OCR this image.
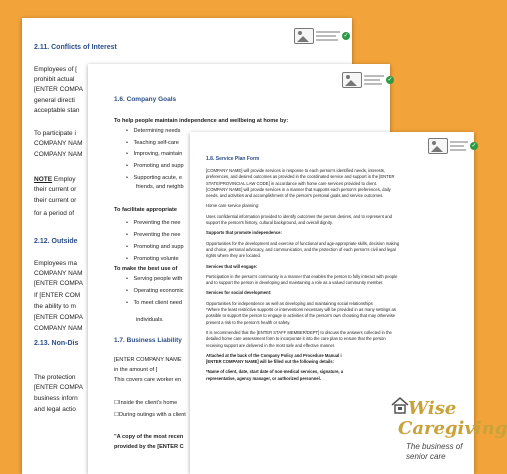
✓
2.11. Conflicts of Interest
Employees of [
prohibit actual
[ENTER COMPA
general directi
acceptable stan
To participate i
COMPANY NAM
COMPANY NAM
NOTE Employ
their current or
their current or
for a period of
2.12. Outside
Employees ma
COMPANY NAM
[ENTER COMPA
If [ENTER COM
the ability to m
[ENTER COMPA
COMPANY NAM
2.13. Non-Dis
The protection
[ENTER COMPA
business inforn
and legal actio
✓
1.6. Company Goals
To help people maintain independence and wellbeing at home by:
• Determining needs
• Teaching self-care
• Improving, maintain
• Promoting and supp
• Supporting acute, e
friends, and neighb
To facilitate appropriate
• Preventing the nee
• Preventing the nee
• Promoting and supp
• Promoting volunte
To make the best use of
• Serving people with
• Operating economic
• To meet client need
individuals.
1.7. Business Liability
[ENTER COMPANY NAME
in the amount of [
This covers care worker en
☐Inside the client's home
☐During outings with a client
"A copy of the most recen
provided by the [ENTER C
✓
1.8. Service Plan Form

[COMPANY NAME] will provide services in response to each person's identified needs, interests,

preferences, and desired outcomes as provided in the coordinated service and support in the [ENTER

STATE/PROVINCIAL LAW CODE] in accordance with home care services provided to client.

[COMPANY NAME] will provide services in a manner that supports each person's preferences, daily

needs, and activities and accomplishment of the person's personal goals and service outcomes.

Home care service planning:

Uses confidential information provided to identify outcomes the person desires, and to represent and

support the person's history, cultural background, and overall dignity.

Supports that promote independence:

Opportunities for the development and exercise of functional and age-appropriate skills, decision making

and choice, personal advocacy, and communication, and the protection of each person's civil and legal

rights where they are located.

Services that will engage:

Participation in the person's community in a manner that enables the person to fully interact with people

and to support the person in developing and maintaining a role as a valued community member.

Services for social development:

Opportunities for independence as well as developing and maintaining social relationships

*Where the least restrictive supports or interventions necessary will be provided in as many settings as

possible to support the person to engage in activities of the person's own choosing that may otherwise

present a risk to the person's health or safety.

It is recommended that the [ENTER STAFF MEMBER/DEPT] to discuss the answers collected in the

detailed home care assessment form to incorporate it into the care plan to ensure that the person

receiving support are delivered in the most safe and effective manner.

Attached at the back of the Company Policy and Procedure Manual i

[ENTER COMPANY NAME] will be filled out the following details:

*Name of client, date, start date of non-medical services, signature, a

representative, agency manager, or authorized personnel.

Wise
Caregiving
The business of
senior care
